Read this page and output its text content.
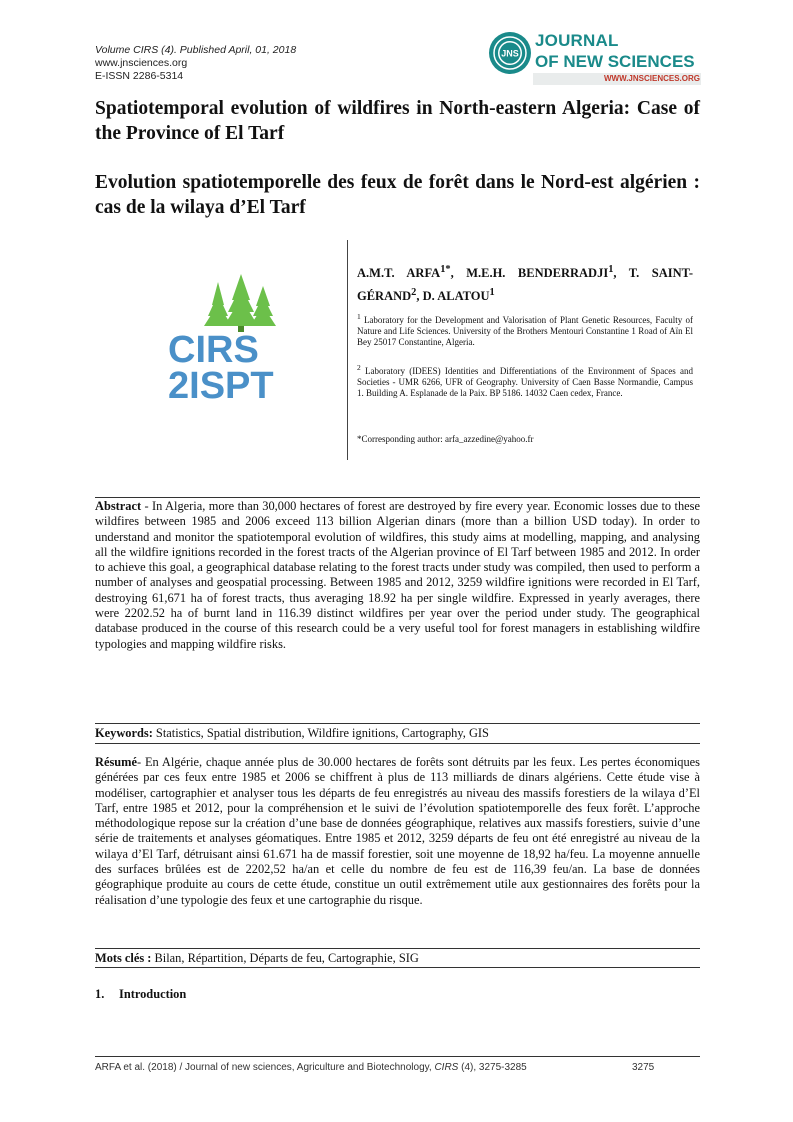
Volume CIRS (4). Published April, 01, 2018
www.jnsciences.org
E-ISSN 2286-5314
JNS
JOURNAL
OF NEW SCIENCES
WWW.JNSCIENCES.ORG
Spatiotemporal evolution of wildfires in North-eastern Algeria: Case of the Province of El Tarf
Evolution spatiotemporelle des feux de forêt dans le Nord-est algérien : cas de la wilaya d’El Tarf
CIRS
2ISPT
A.M.T. $ARFA^{1*}$, M.E.H. BENDERRADJI$^1$, T. SAINT-GÉRAND$^2$, D. ALATOU$^1$
$^1$ Laboratory for the Development and Valorisation of Plant Genetic Resources, Faculty of Nature and Life Sciences. University of the Brothers Mentouri Constantine 1 Road of Aïn El Bey 25017 Constantine, Algeria.
$^2$ Laboratory (IDEES) Identities and Differentiations of the Environment of Spaces and Societies - UMR 6266, UFR of Geography. University of Caen Basse Normandie, Campus 1. Building A. Esplanade de la Paix. BP 5186. 14032 Caen cedex, France.
*Corresponding author: arfa_azzedine@yahoo.fr
Abstract - In Algeria, more than 30,000 hectares of forest are destroyed by fire every year. Economic losses due to these wildfires between 1985 and 2006 exceed 113 billion Algerian dinars (more than a billion USD today). In order to understand and monitor the spatiotemporal evolution of wildfires, this study aims at modelling, mapping, and analysing all the wildfire ignitions recorded in the forest tracts of the Algerian province of El Tarf between 1985 and 2012. In order to achieve this goal, a geographical database relating to the forest tracts under study was compiled, then used to perform a number of analyses and geospatial processing. Between 1985 and 2012, 3259 wildfire ignitions were recorded in El Tarf, destroying 61,671 ha of forest tracts, thus averaging 18.92 ha per single wildfire. Expressed in yearly averages, there were 2202.52 ha of burnt land in 116.39 distinct wildfires per year over the period under study. The geographical database produced in the course of this research could be a very useful tool for forest managers in establishing wildfire typologies and mapping wildfire risks.
Keywords: Statistics, Spatial distribution, Wildfire ignitions, Cartography, GIS
Résumé- En Algérie, chaque année plus de 30.000 hectares de forêts sont détruits par les feux. Les pertes économiques générées par ces feux entre 1985 et 2006 se chiffrent à plus de 113 milliards de dinars algériens. Cette étude vise à modéliser, cartographier et analyser tous les départs de feu enregistrés au niveau des massifs forestiers de la wilaya d’El Tarf, entre 1985 et 2012, pour la compréhension et le suivi de l’évolution spatiotemporelle des feux forêt. L’approche méthodologique repose sur la création d’une base de données géographique, relatives aux massifs forestiers, suivie d’une série de traitements et analyses géomatiques. Entre 1985 et 2012, 3259 départs de feu ont été enregistré au niveau de la wilaya d’El Tarf, détruisant ainsi 61.671 ha de massif forestier, soit une moyenne de 18,92 ha/feu. La moyenne annuelle des surfaces brûlées est de 2202,52 ha/an et celle du nombre de feu est de 116,39 feu/an. La base de données géographique produite au cours de cette étude, constitue un outil extrêmement utile aux gestionnaires des forêts pour la réalisation d’une typologie des feux et une cartographie du risque.
Mots clés : Bilan, Répartition, Départs de feu, Cartographie, SIG
1. Introduction
ARFA et al. (2018) / Journal of new sciences, Agriculture and Biotechnology, CIRS (4), 3275-3285	3275
